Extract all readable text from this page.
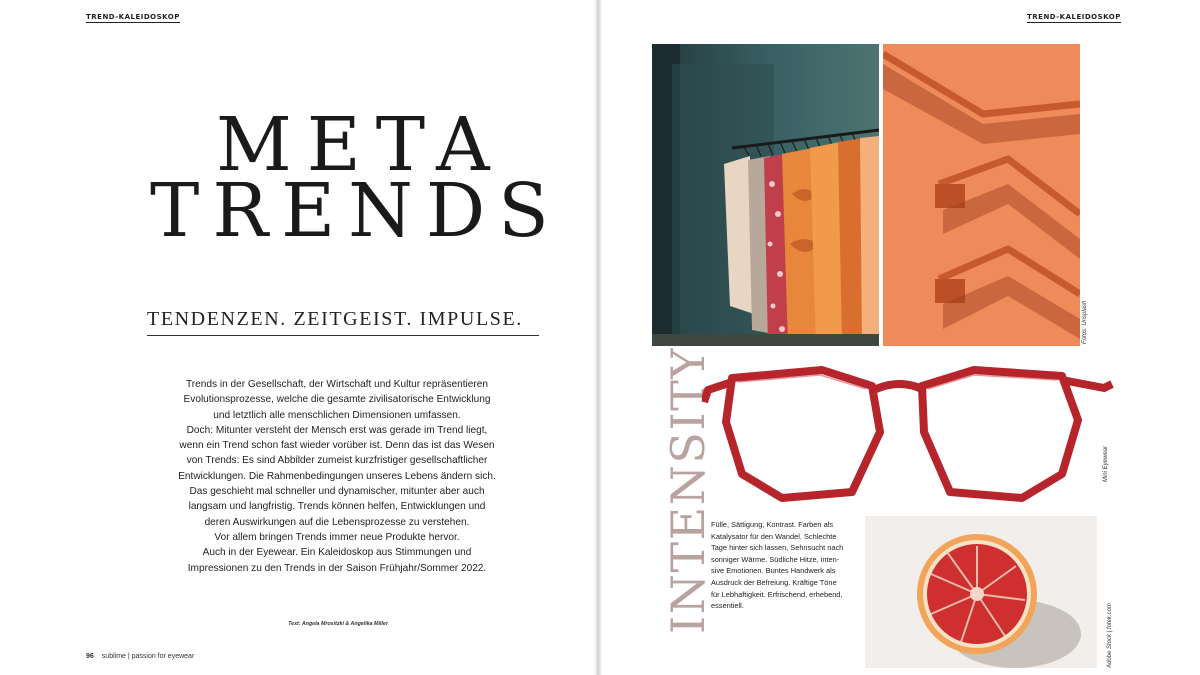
TREND-KALEIDOSKOP
META
TRENDS
TENDENZEN. ZEITGEIST. IMPULSE.

Trends in der Gesellschaft, der Wirtschaft und Kultur repräsentieren
Evolutionsprozesse, welche die gesamte zivilisatorische Entwicklung
und letztlich alle menschlichen Dimensionen umfassen.
Doch: Mitunter versteht der Mensch erst was gerade im Trend liegt,
wenn ein Trend schon fast wieder vorüber ist. Denn das ist das Wesen
von Trends: Es sind Abbilder zumeist kurzfristiger gesellschaftlicher
Entwicklungen. Die Rahmenbedingungen unseres Lebens ändern sich.
Das geschieht mal schneller und dynamischer, mitunter aber auch
langsam und langfristig. Trends können helfen, Entwicklungen und
deren Auswirkungen auf die Lebensprozesse zu verstehen.
Vor allem bringen Trends immer neue Produkte hervor.
Auch in der Eyewear. Ein Kaleidoskop aus Stimmungen und
Impressionen zu den Trends in der Saison Frühjahr/Sommer 2022.

Text: Angela Mrositzki & Angelika Miller
96 sublime | passion for eyewear
TREND-KALEIDOSKOP
Fotos: Unsplash
INTENSITY	Mini Eyewear

Fülle, Sättigung, Kontrast. Farben als
Katalysator für den Wandel. Schlechte
Tage hinter sich lassen, Sehnsucht nach
sonniger Wärme. Südliche Hitze, inten-
sive Emotionen. Buntes Handwerk als
Ausdruck der Befreiung. Kräftige Töne
für Lebhaftigkeit. Erfrischend, erhebend,
essentiell.	Adobe Stock | fotek.com
